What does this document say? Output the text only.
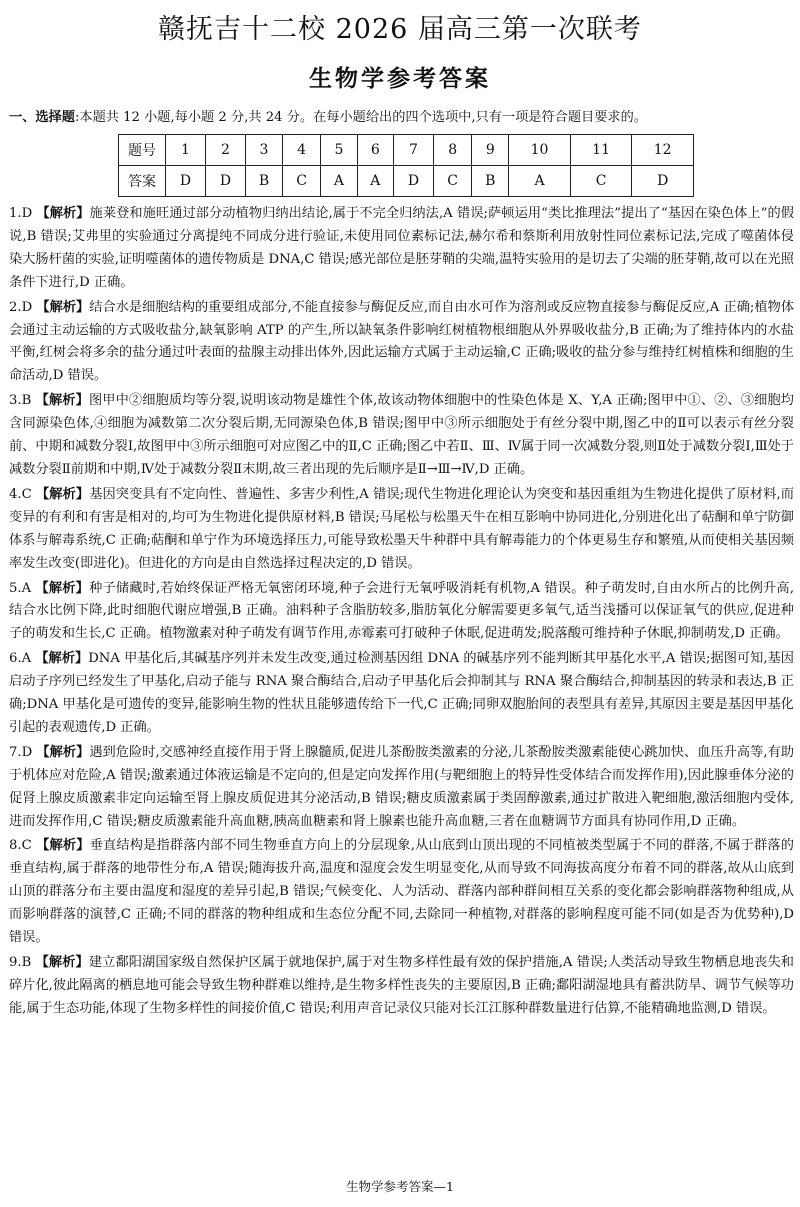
赣抚吉十二校 2026 届高三第一次联考
生物学参考答案
一、选择题:本题共 12 小题,每小题 2 分,共 24 分。在每小题给出的四个选项中,只有一项是符合题目要求的。
题号	1	2	3	4	5	6	7	8	9	10	11	12
答案	D	D	B	C	A	A	D	C	B	A	C	D

1.D 【解析】施莱登和施旺通过部分动植物归纳出结论,属于不完全归纳法,A 错误;萨顿运用“类比推理法”提出了“基因在染色体上”的假说,B 错误;艾弗里的实验通过分离提纯不同成分进行验证,未使用同位素标记法,赫尔希和蔡斯利用放射性同位素标记法,完成了噬菌体侵染大肠杆菌的实验,证明噬菌体的遗传物质是 DNA,C 错误;感光部位是胚芽鞘的尖端,温特实验用的是切去了尖端的胚芽鞘,故可以在光照条件下进行,D 正确。

2.D 【解析】结合水是细胞结构的重要组成部分,不能直接参与酶促反应,而自由水可作为溶剂或反应物直接参与酶促反应,A 正确;植物体会通过主动运输的方式吸收盐分,缺氧影响 ATP 的产生,所以缺氧条件影响红树植物根细胞从外界吸收盐分,B 正确;为了维持体内的水盐平衡,红树会将多余的盐分通过叶表面的盐腺主动排出体外,因此运输方式属于主动运输,C 正确;吸收的盐分参与维持红树植株和细胞的生命活动,D 错误。

3.B 【解析】图甲中②细胞质均等分裂,说明该动物是雄性个体,故该动物体细胞中的性染色体是 X、Y,A 正确;图甲中①、②、③细胞均含同源染色体,④细胞为减数第二次分裂后期,无同源染色体,B 错误;图甲中③所示细胞处于有丝分裂中期,图乙中的Ⅱ可以表示有丝分裂前、中期和减数分裂Ⅰ,故图甲中③所示细胞可对应图乙中的Ⅱ,C 正确;图乙中若Ⅱ、Ⅲ、Ⅳ属于同一次减数分裂,则Ⅱ处于减数分裂Ⅰ,Ⅲ处于减数分裂Ⅱ前期和中期,Ⅳ处于减数分裂Ⅱ末期,故三者出现的先后顺序是Ⅱ→Ⅲ→Ⅳ,D 正确。

4.C 【解析】基因突变具有不定向性、普遍性、多害少利性,A 错误;现代生物进化理论认为突变和基因重组为生物进化提供了原材料,而变异的有利和有害是相对的,均可为生物进化提供原材料,B 错误;马尾松与松墨天牛在相互影响中协同进化,分别进化出了萜酮和单宁防御体系与解毒系统,C 正确;萜酮和单宁作为环境选择压力,可能导致松墨天牛种群中具有解毒能力的个体更易生存和繁殖,从而使相关基因频率发生改变(即进化)。但进化的方向是由自然选择过程决定的,D 错误。

5.A 【解析】种子储藏时,若始终保证严格无氧密闭环境,种子会进行无氧呼吸消耗有机物,A 错误。种子萌发时,自由水所占的比例升高,结合水比例下降,此时细胞代谢应增强,B 正确。油料种子含脂肪较多,脂肪氧化分解需要更多氧气,适当浅播可以保证氧气的供应,促进种子的萌发和生长,C 正确。植物激素对种子萌发有调节作用,赤霉素可打破种子休眠,促进萌发;脱落酸可维持种子休眠,抑制萌发,D 正确。

6.A 【解析】DNA 甲基化后,其碱基序列并未发生改变,通过检测基因组 DNA 的碱基序列不能判断其甲基化水平,A 错误;据图可知,基因启动子序列已经发生了甲基化,启动子能与 RNA 聚合酶结合,启动子甲基化后会抑制其与 RNA 聚合酶结合,抑制基因的转录和表达,B 正确;DNA 甲基化是可遗传的变异,能影响生物的性状且能够遗传给下一代,C 正确;同卵双胞胎间的表型具有差异,其原因主要是基因甲基化引起的表观遗传,D 正确。

7.D 【解析】遇到危险时,交感神经直接作用于肾上腺髓质,促进儿茶酚胺类激素的分泌,儿茶酚胺类激素能使心跳加快、血压升高等,有助于机体应对危险,A 错误;激素通过体液运输是不定向的,但是定向发挥作用(与靶细胞上的特异性受体结合而发挥作用),因此腺垂体分泌的促肾上腺皮质激素非定向运输至肾上腺皮质促进其分泌活动,B 错误;糖皮质激素属于类固醇激素,通过扩散进入靶细胞,激活细胞内受体,进而发挥作用,C 错误;糖皮质激素能升高血糖,胰高血糖素和肾上腺素也能升高血糖,三者在血糖调节方面具有协同作用,D 正确。

8.C 【解析】垂直结构是指群落内部不同生物垂直方向上的分层现象,从山底到山顶出现的不同植被类型属于不同的群落,不属于群落的垂直结构,属于群落的地带性分布,A 错误;随海拔升高,温度和湿度会发生明显变化,从而导致不同海拔高度分布着不同的群落,故从山底到山顶的群落分布主要由温度和湿度的差异引起,B 错误;气候变化、人为活动、群落内部种群间相互关系的变化都会影响群落物种组成,从而影响群落的演替,C 正确;不同的群落的物种组成和生态位分配不同,去除同一种植物,对群落的影响程度可能不同(如是否为优势种),D 错误。

9.B 【解析】建立鄱阳湖国家级自然保护区属于就地保护,属于对生物多样性最有效的保护措施,A 错误;人类活动导致生物栖息地丧失和碎片化,彼此隔离的栖息地可能会导致生物种群难以维持,是生物多样性丧失的主要原因,B 正确;鄱阳湖湿地具有蓄洪防旱、调节气候等功能,属于生态功能,体现了生物多样性的间接价值,C 错误;利用声音记录仪只能对长江江豚种群数量进行估算,不能精确地监测,D 错误。

生物学参考答案—1
